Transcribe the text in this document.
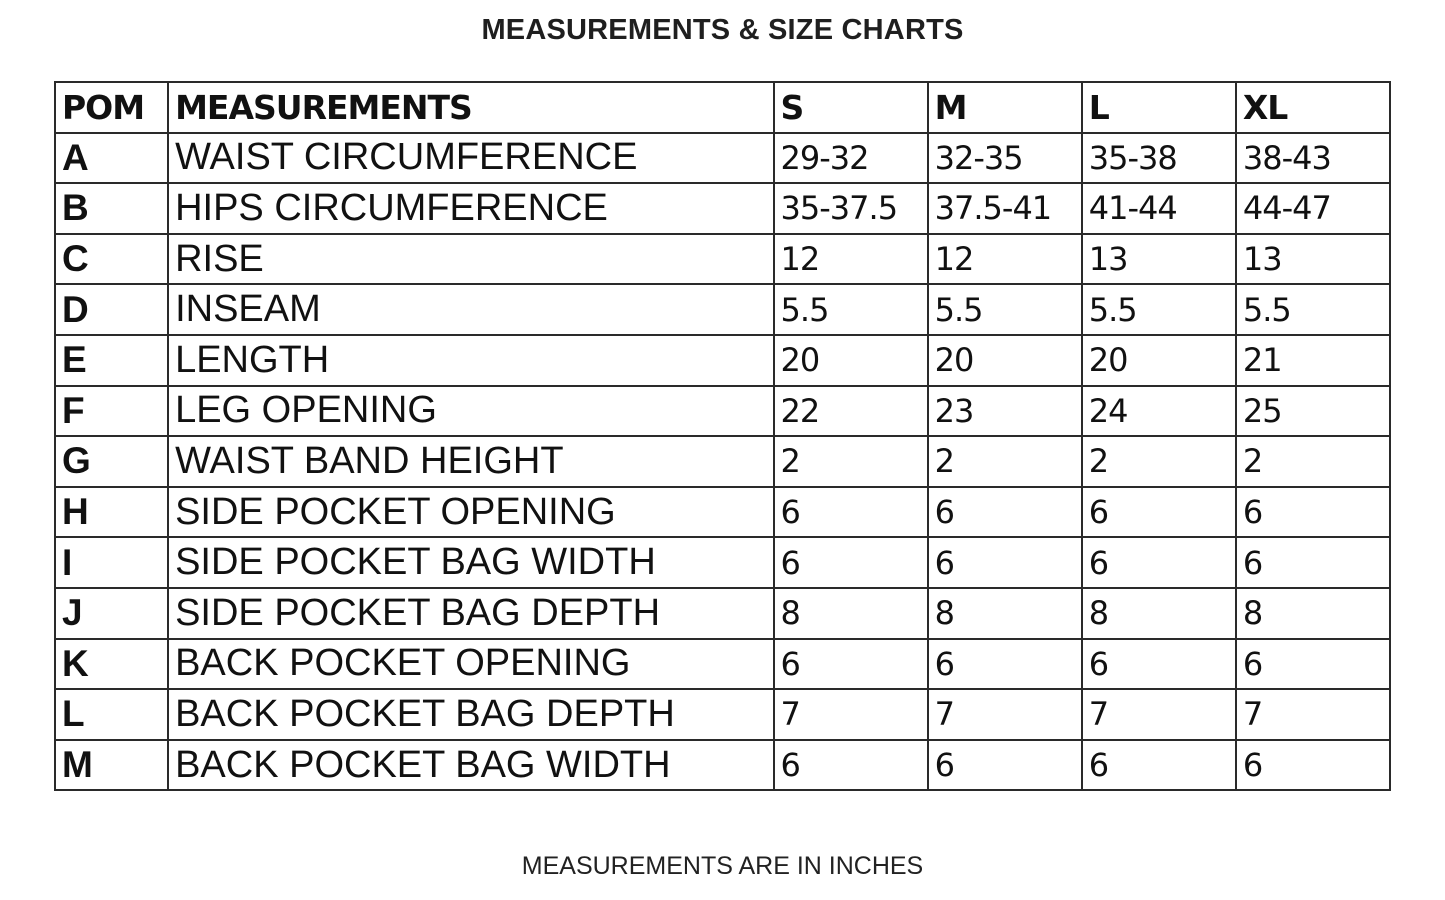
MEASUREMENTS & SIZE CHARTS
POM	MEASUREMENTS	S	M	L	XL
A	WAIST CIRCUMFERENCE	29-32	32-35	35-38	38-43
B	HIPS CIRCUMFERENCE	35-37.5	37.5-41	41-44	44-47
C	RISE	12	12	13	13
D	INSEAM	5.5	5.5	5.5	5.5
E	LENGTH	20	20	20	21
F	LEG OPENING	22	23	24	25
G	WAIST BAND HEIGHT	2	2	2	2
H	SIDE POCKET OPENING	6	6	6	6
I	SIDE POCKET BAG WIDTH	6	6	6	6
J	SIDE POCKET BAG DEPTH	8	8	8	8
K	BACK POCKET OPENING	6	6	6	6
L	BACK POCKET BAG DEPTH	7	7	7	7
M	BACK POCKET BAG WIDTH	6	6	6	6
MEASUREMENTS ARE IN INCHES
